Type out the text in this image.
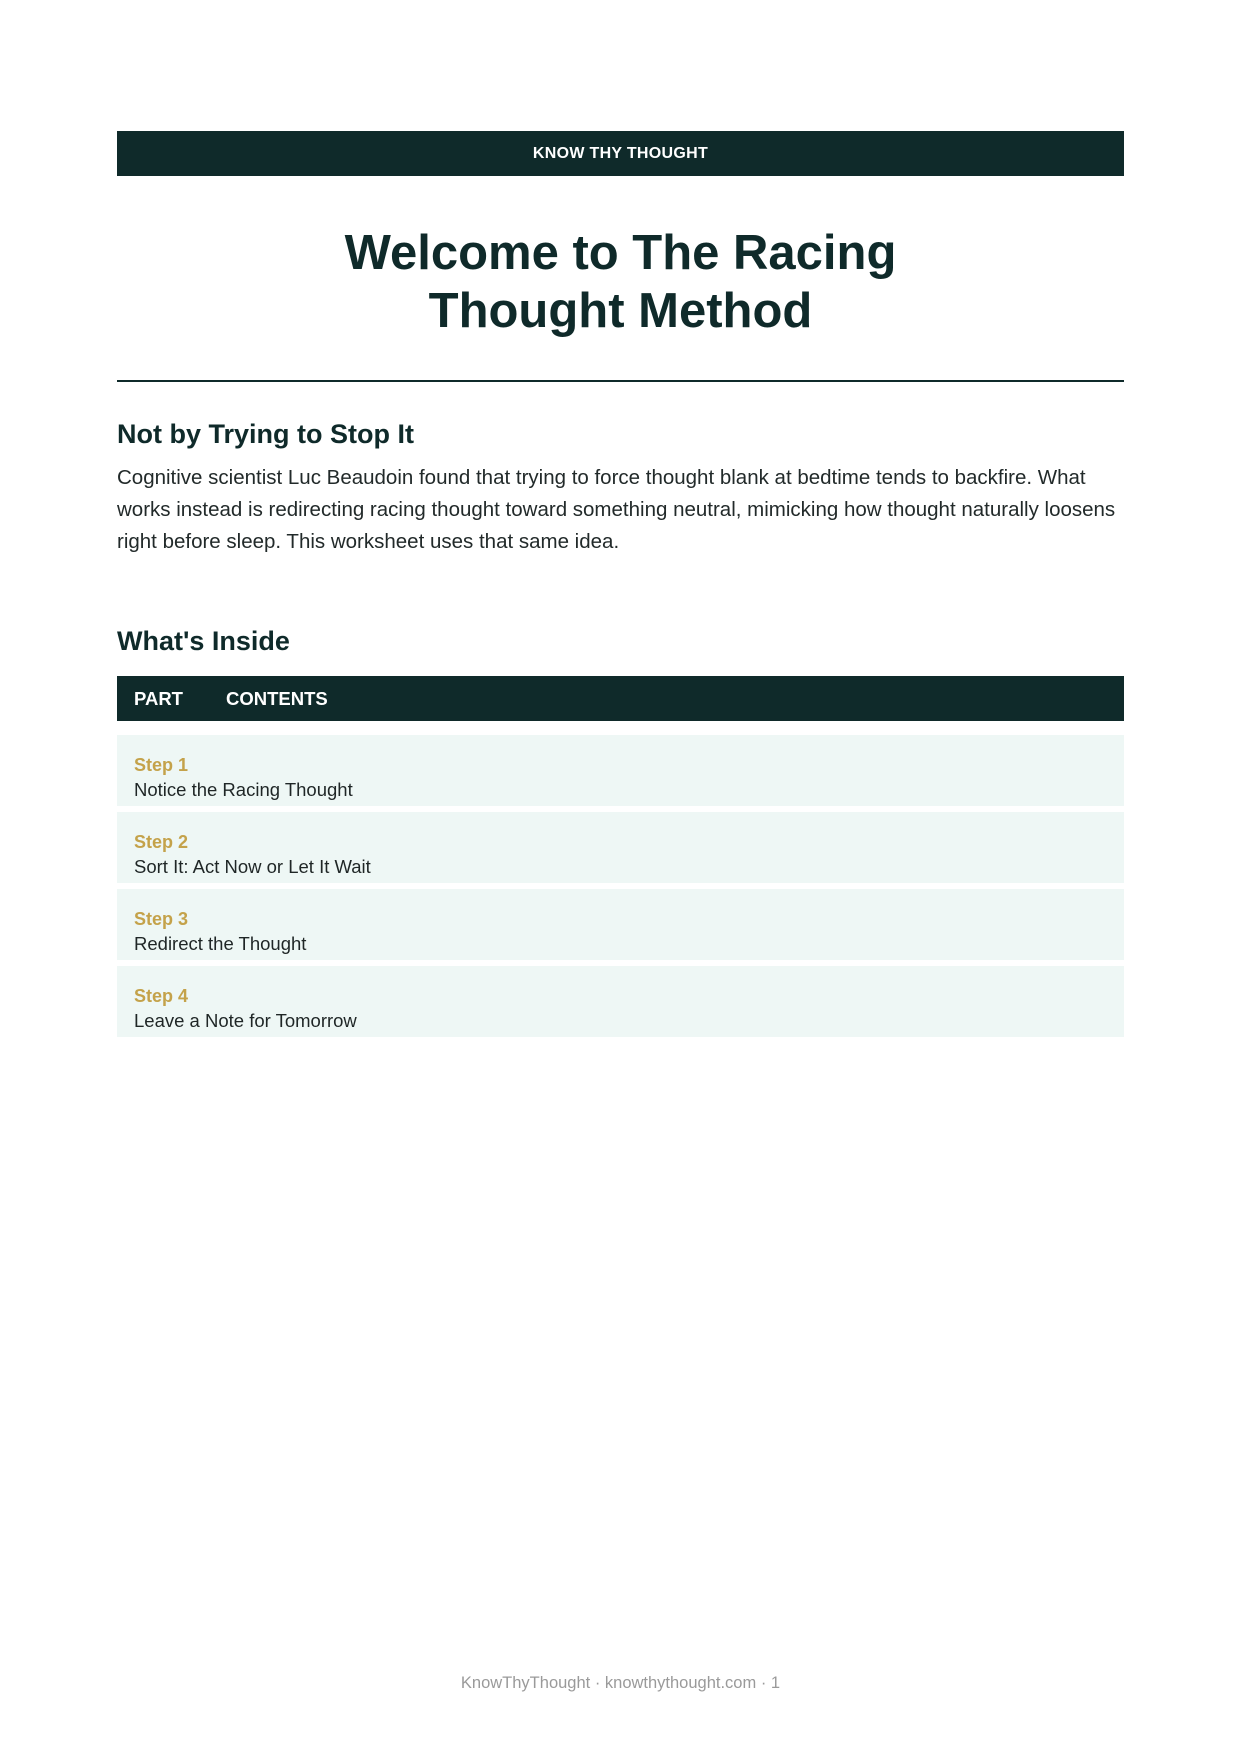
KNOW THY THOUGHT
Welcome to The Racing
Thought Method
Not by Trying to Stop It

Cognitive scientist Luc Beaudoin found that trying to force thought blank at bedtime tends to backfire. What works instead is redirecting racing thought toward something neutral, mimicking how thought naturally loosens right before sleep. This worksheet uses that same idea.

What's Inside
PART	CONTENTS
Step 1
Notice the Racing Thought
Step 2
Sort It: Act Now or Let It Wait
Step 3
Redirect the Thought
Step 4
Leave a Note for Tomorrow
KnowThyThought · knowthythought.com · 1
